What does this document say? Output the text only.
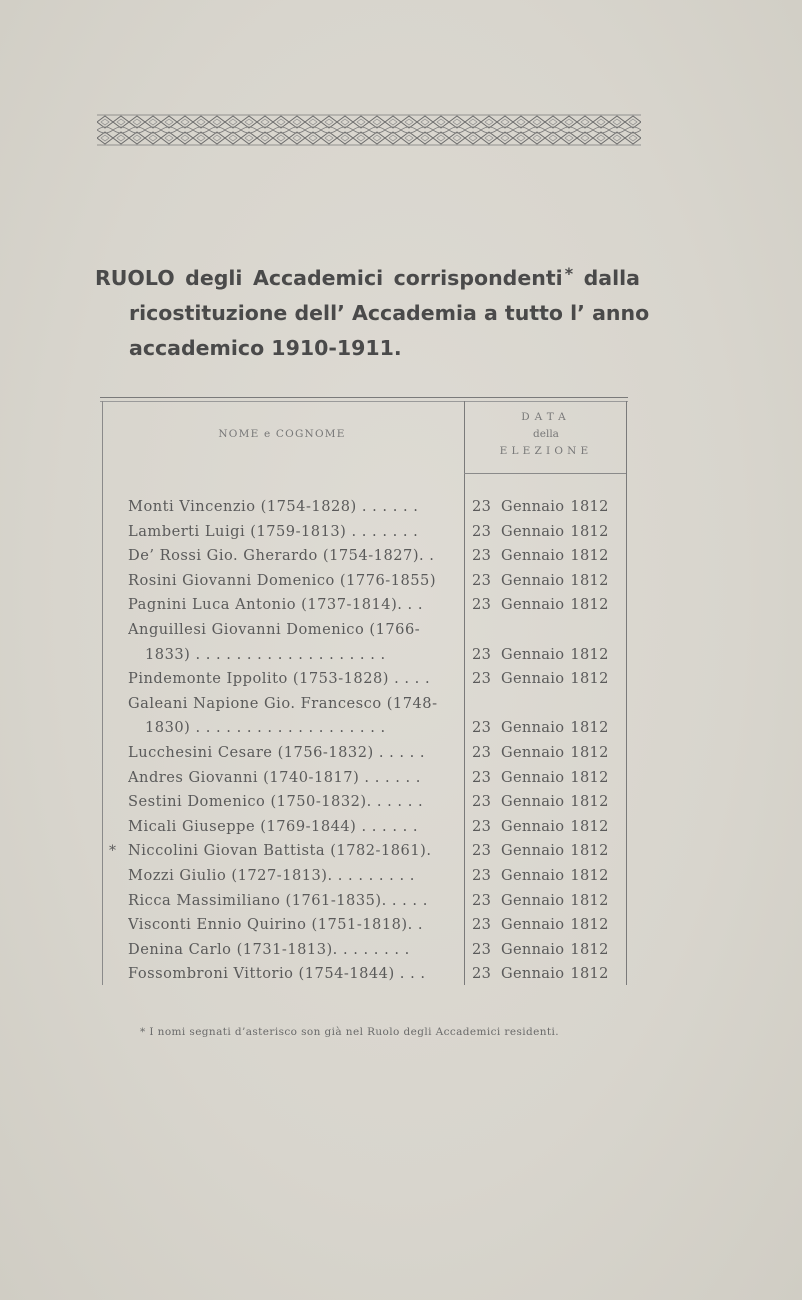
RUOLO degli Accademici corrispondenti * dalla
ricostituzione dell’ Accademia a tutto l’ anno
accademico 1910-1911.
NOME e COGNOME
DATA
della
ELEZIONE
Monti Vincenzio (1754-1828) . . . . . .	23 Gennaio 1812
Lamberti Luigi (1759-1813) . . . . . . .	23 Gennaio 1812
De’ Rossi Gio. Gherardo (1754-1827). .	23 Gennaio 1812
Rosini Giovanni Domenico (1776-1855)	23 Gennaio 1812
Pagnini Luca Antonio (1737-1814). . .	23 Gennaio 1812
Anguillesi Giovanni Domenico (1766-
1833) . . . . . . . . . . . . . . . . . . .	23 Gennaio 1812
Pindemonte Ippolito (1753-1828) . . . .	23 Gennaio 1812
Galeani Napione Gio. Francesco (1748-
1830) . . . . . . . . . . . . . . . . . . .	23 Gennaio 1812
Lucchesini Cesare (1756-1832) . . . . .	23 Gennaio 1812
Andres Giovanni (1740-1817) . . . . . .	23 Gennaio 1812
Sestini Domenico (1750-1832). . . . . .	23 Gennaio 1812
Micali Giuseppe (1769-1844) . . . . . .	23 Gennaio 1812
* Niccolini Giovan Battista (1782-1861).	23 Gennaio 1812
Mozzi Giulio (1727-1813). . . . . . . . .	23 Gennaio 1812
Ricca Massimiliano (1761-1835). . . . .	23 Gennaio 1812
Visconti Ennio Quirino (1751-1818). .	23 Gennaio 1812
Denina Carlo (1731-1813). . . . . . . .	23 Gennaio 1812
Fossombroni Vittorio (1754-1844) . . .	23 Gennaio 1812
* I nomi segnati d’asterisco son già nel Ruolo degli Accademici residenti.
